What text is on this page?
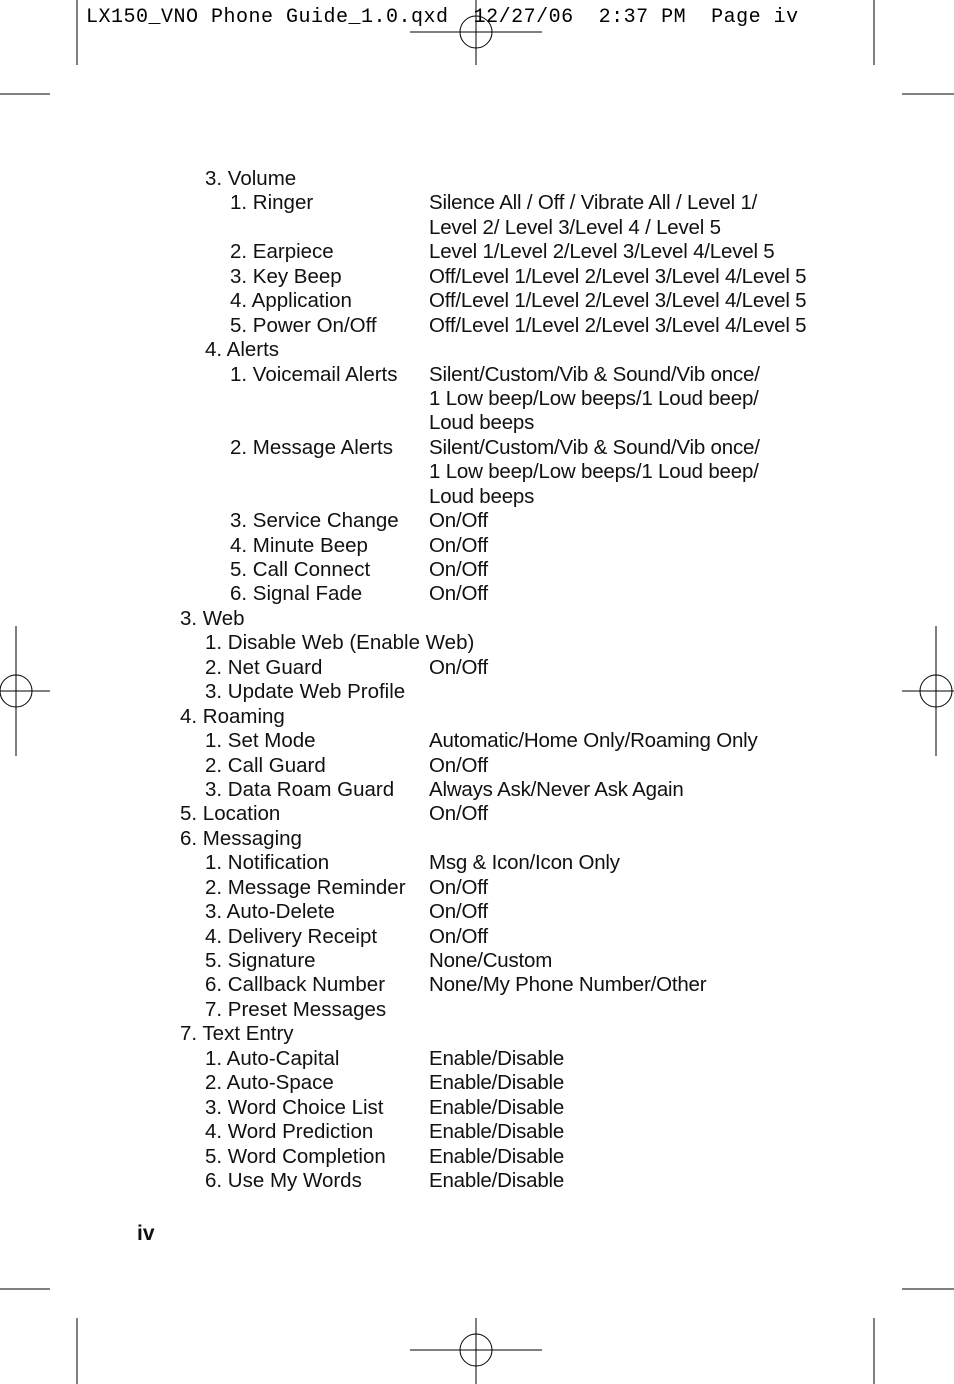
LX150_VNO Phone Guide_1.0.qxd  12/27/06  2:37 PM  Page iv
3. Volume
1. Ringer	Silence All / Off / Vibrate All / Level 1/
Level 2/ Level 3/Level 4 / Level 5
2. Earpiece	Level 1/Level 2/Level 3/Level 4/Level 5
3. Key Beep	Off/Level 1/Level 2/Level 3/Level 4/Level 5
4. Application	Off/Level 1/Level 2/Level 3/Level 4/Level 5
5. Power On/Off	Off/Level 1/Level 2/Level 3/Level 4/Level 5
4. Alerts
1. Voicemail Alerts Silent/Custom/Vib & Sound/Vib once/
1 Low beep/Low beeps/1 Loud beep/
Loud beeps
2. Message Alerts Silent/Custom/Vib & Sound/Vib once/
1 Low beep/Low beeps/1 Loud beep/
Loud beeps
3. Service Change On/Off
4. Minute Beep	On/Off
5. Call Connect	On/Off
6. Signal Fade	On/Off
3. Web
1. Disable Web (Enable Web)
2. Net Guard	On/Off
3. Update Web Profile
4. Roaming
1. Set Mode	Automatic/Home Only/Roaming Only
2. Call Guard	On/Off
3. Data Roam Guard Always Ask/Never Ask Again
5. Location	On/Off
6. Messaging
1. Notification	Msg & Icon/Icon Only
2. Message Reminder On/Off
3. Auto-Delete	On/Off
4. Delivery Receipt	On/Off
5. Signature	None/Custom
6. Callback Number None/My Phone Number/Other
7. Preset Messages
7. Text Entry
1. Auto-Capital	Enable/Disable
2. Auto-Space	Enable/Disable
3. Word Choice List Enable/Disable
4. Word Prediction	Enable/Disable
5. Word Completion Enable/Disable
6. Use My Words	Enable/Disable
iv
